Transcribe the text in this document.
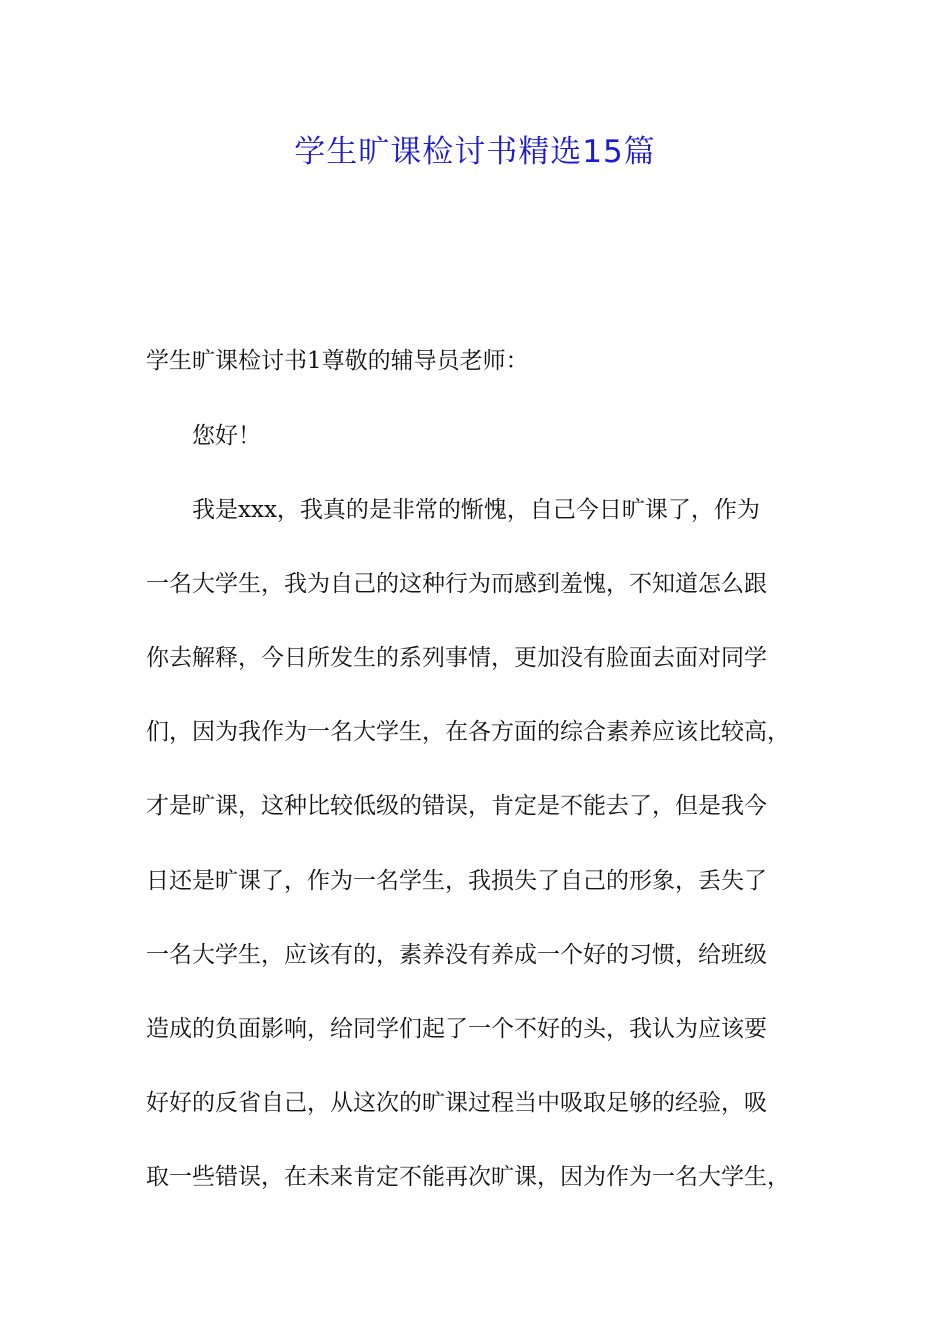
学生旷课检讨书精选15篇
学生旷课检讨书1尊敬的辅导员老师：
您好！
我是xxx，我真的是非常的惭愧，自己今日旷课了，作为
一名大学生，我为自己的这种行为而感到羞愧，不知道怎么跟
你去解释，今日所发生的系列事情，更加没有脸面去面对同学
们，因为我作为一名大学生，在各方面的综合素养应该比较高，
才是旷课，这种比较低级的错误，肯定是不能去了，但是我今
日还是旷课了，作为一名学生，我损失了自己的形象，丢失了
一名大学生，应该有的，素养没有养成一个好的习惯，给班级
造成的负面影响，给同学们起了一个不好的头，我认为应该要
好好的反省自己，从这次的旷课过程当中吸取足够的经验，吸
取一些错误，在未来肯定不能再次旷课，因为作为一名大学生，
